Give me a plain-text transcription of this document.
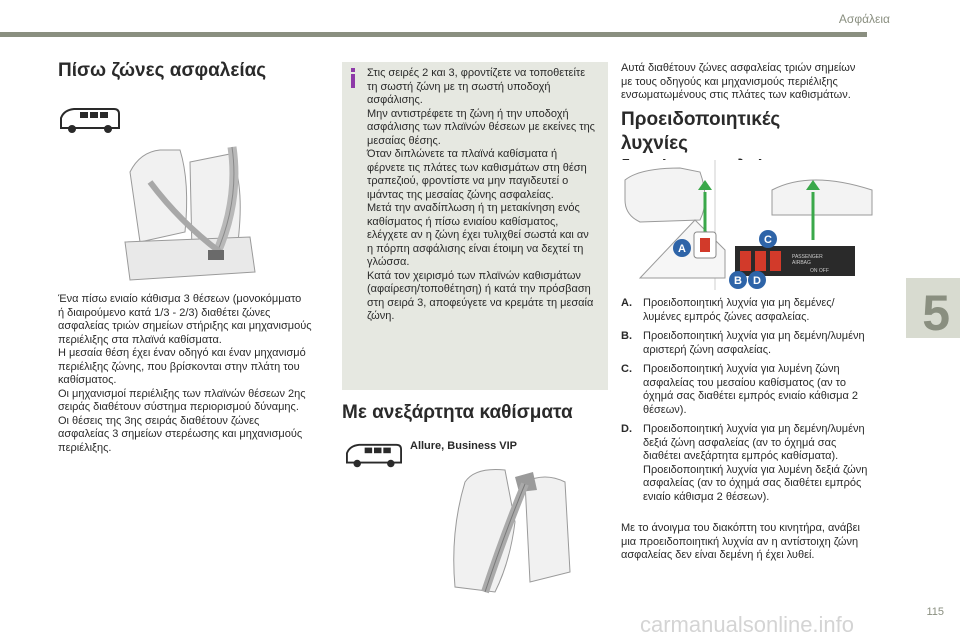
Ασφάλεια
5
115
carmanualsonline.info
Πίσω ζώνες ασφαλείας
Ένα πίσω ενιαίο κάθισμα 3 θέσεων (μονοκόμματο
ή διαιρούμενο κατά 1/3 - 2/3) διαθέτει ζώνες
ασφαλείας τριών σημείων στήριξης και μηχανισμούς
περιέλιξης στα πλαϊνά καθίσματα.
Η μεσαία θέση έχει έναν οδηγό και έναν μηχανισμό
περιέλιξης ζώνης, που βρίσκονται στην πλάτη του
καθίσματος.
Οι μηχανισμοί περιέλιξης των πλαϊνών θέσεων 2ης
σειράς διαθέτουν σύστημα περιορισμού δύναμης.
Οι θέσεις της 3ης σειράς διαθέτουν ζώνες
ασφαλείας 3 σημείων στερέωσης και μηχανισμούς
περιέλιξης.
Στις σειρές 2 και 3, φροντίζετε να τοποθετείτε
τη σωστή ζώνη με τη σωστή υποδοχή
ασφάλισης.
Μην αντιστρέφετε τη ζώνη ή την υποδοχή
ασφάλισης των πλαϊνών θέσεων με εκείνες της
μεσαίας θέσης.
Όταν διπλώνετε τα πλαϊνά καθίσματα ή
φέρνετε τις πλάτες των καθισμάτων στη θέση
τραπεζιού, φροντίστε να μην παγιδευτεί ο
ιμάντας της μεσαίας ζώνης ασφαλείας.
Μετά την αναδίπλωση ή τη μετακίνηση ενός
καθίσματος ή πίσω ενιαίου καθίσματος,
ελέγχετε αν η ζώνη έχει τυλιχθεί σωστά και αν
η πόρπη ασφάλισης είναι έτοιμη να δεχτεί τη
γλώσσα.
Κατά τον χειρισμό των πλαϊνών καθισμάτων
(αφαίρεση/τοποθέτηση) ή κατά την πρόσβαση
στη σειρά 3, αποφεύγετε να κρεμάτε τη μεσαία
ζώνη.
Με ανεξάρτητα καθίσματα
Allure, Business VIP
Αυτά διαθέτουν ζώνες ασφαλείας τριών σημείων
με τους οδηγούς και μηχανισμούς περιέλιξης
ενσωματωμένους στις πλάτες των καθισμάτων.
Προειδοποιητικές λυχνίες
PASSENGER
AIRBAG
ON OFF
A
C
B D
A.	Προειδοποιητική λυχνία για μη δεμένες/
λυμένες εμπρός ζώνες ασφαλείας.
B.	Προειδοποιητική λυχνία για μη δεμένη/λυμένη
αριστερή ζώνη ασφαλείας.
C.	Προειδοποιητική λυχνία για λυμένη ζώνη
ασφαλείας του μεσαίου καθίσματος (αν το
όχημά σας διαθέτει εμπρός ενιαίο κάθισμα 2
θέσεων).
D.	Προειδοποιητική λυχνία για μη δεμένη/λυμένη
δεξιά ζώνη ασφαλείας (αν το όχημά σας
διαθέτει ανεξάρτητα εμπρός καθίσματα).
Προειδοποιητική λυχνία για λυμένη δεξιά ζώνη
ασφαλείας (αν το όχημά σας διαθέτει εμπρός
ενιαίο κάθισμα 2 θέσεων).
Με το άνοιγμα του διακόπτη του κινητήρα, ανάβει
μια προειδοποιητική λυχνία αν η αντίστοιχη ζώνη
ασφαλείας δεν είναι δεμένη ή έχει λυθεί.
